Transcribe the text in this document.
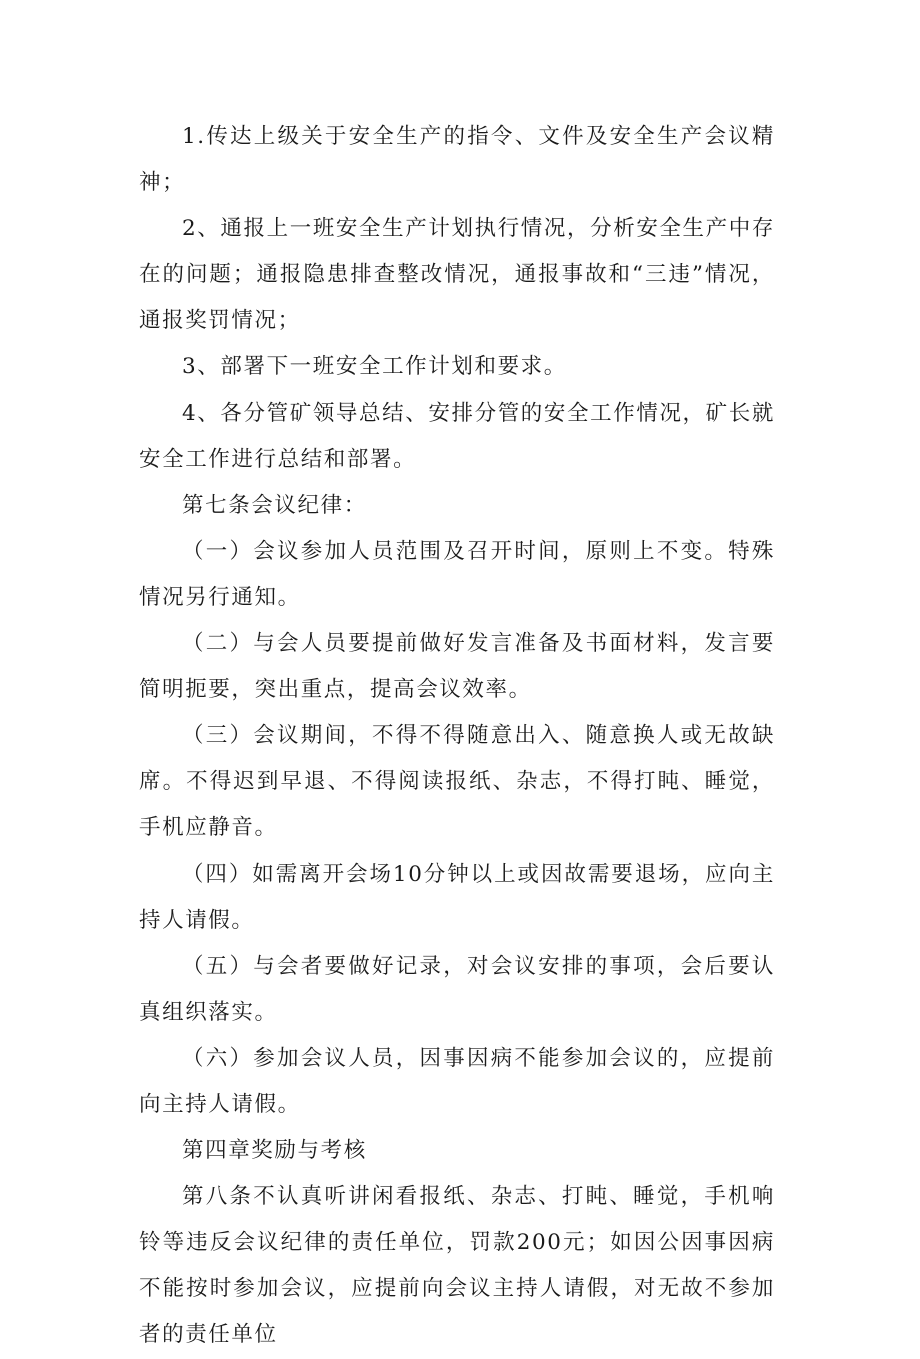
1.传达上级关于安全生产的指令、文件及安全生产会议精神；

2、通报上一班安全生产计划执行情况，分析安全生产中存在的问题；通报隐患排查整改情况，通报事故和“三违”情况，通报奖罚情况；

3、部署下一班安全工作计划和要求。

4、各分管矿领导总结、安排分管的安全工作情况，矿长就安全工作进行总结和部署。

第七条会议纪律：

（一）会议参加人员范围及召开时间，原则上不变。特殊情况另行通知。

（二）与会人员要提前做好发言准备及书面材料，发言要简明扼要，突出重点，提高会议效率。

（三）会议期间，不得不得随意出入、随意换人或无故缺席。不得迟到早退、不得阅读报纸、杂志，不得打盹、睡觉，手机应静音。

（四）如需离开会场10分钟以上或因故需要退场，应向主持人请假。

（五）与会者要做好记录，对会议安排的事项，会后要认真组织落实。

（六）参加会议人员，因事因病不能参加会议的，应提前向主持人请假。

第四章奖励与考核

第八条不认真听讲闲看报纸、杂志、打盹、睡觉，手机响铃等违反会议纪律的责任单位，罚款200元；如因公因事因病不能按时参加会议，应提前向会议主持人请假，对无故不参加者的责任单位
